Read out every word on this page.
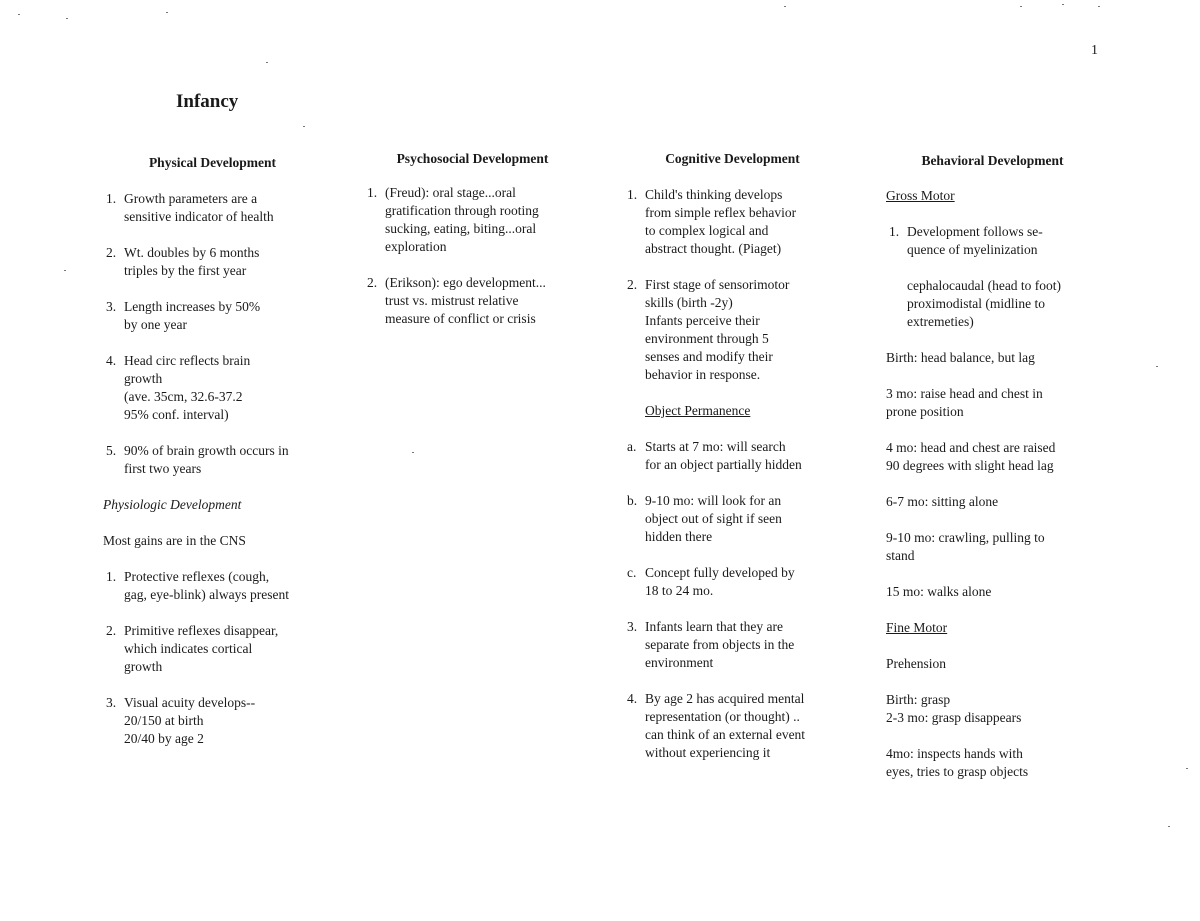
1
Infancy
Physical Development
1. Growth parameters are a
sensitive indicator of health
2. Wt. doubles by 6 months
triples by the first year
3. Length increases by 50%
by one year
4. Head circ reflects brain
growth
(ave. 35cm, 32.6-37.2
95% conf. interval)
5. 90% of brain growth occurs in
first two years
Physiologic Development
Most gains are in the CNS
1. Protective reflexes (cough,
gag, eye-blink) always present
2. Primitive reflexes disappear,
which indicates cortical
growth
3. Visual acuity develops--
20/150 at birth
20/40 by age 2
Psychosocial Development
1. (Freud): oral stage...oral
gratification through rooting
sucking, eating, biting...oral
exploration
2. (Erikson): ego development...
trust vs. mistrust relative
measure of conflict or crisis
Cognitive Development
1. Child's thinking develops
from simple reflex behavior
to complex logical and
abstract thought. (Piaget)
2. First stage of sensorimotor
skills (birth -2y)
Infants perceive their
environment through 5
senses and modify their
behavior in response.
Object Permanence
a. Starts at 7 mo: will search
for an object partially hidden
b. 9-10 mo: will look for an
object out of sight if seen
hidden there
c. Concept fully developed by
18 to 24 mo.
3. Infants learn that they are
separate from objects in the
environment
4. By age 2 has acquired mental
representation (or thought) ..
can think of an external event
without experiencing it
Behavioral Development
Gross Motor
1. Development follows se-
quence of myelinization
cephalocaudal (head to foot)
proximodistal (midline to
extremeties)
Birth: head balance, but lag
3 mo: raise head and chest in
prone position
4 mo: head and chest are raised
90 degrees with slight head lag
6-7 mo: sitting alone
9-10 mo: crawling, pulling to
stand
15 mo: walks alone
Fine Motor
Prehension
Birth: grasp
2-3 mo: grasp disappears
4mo: inspects hands with
eyes, tries to grasp objects
